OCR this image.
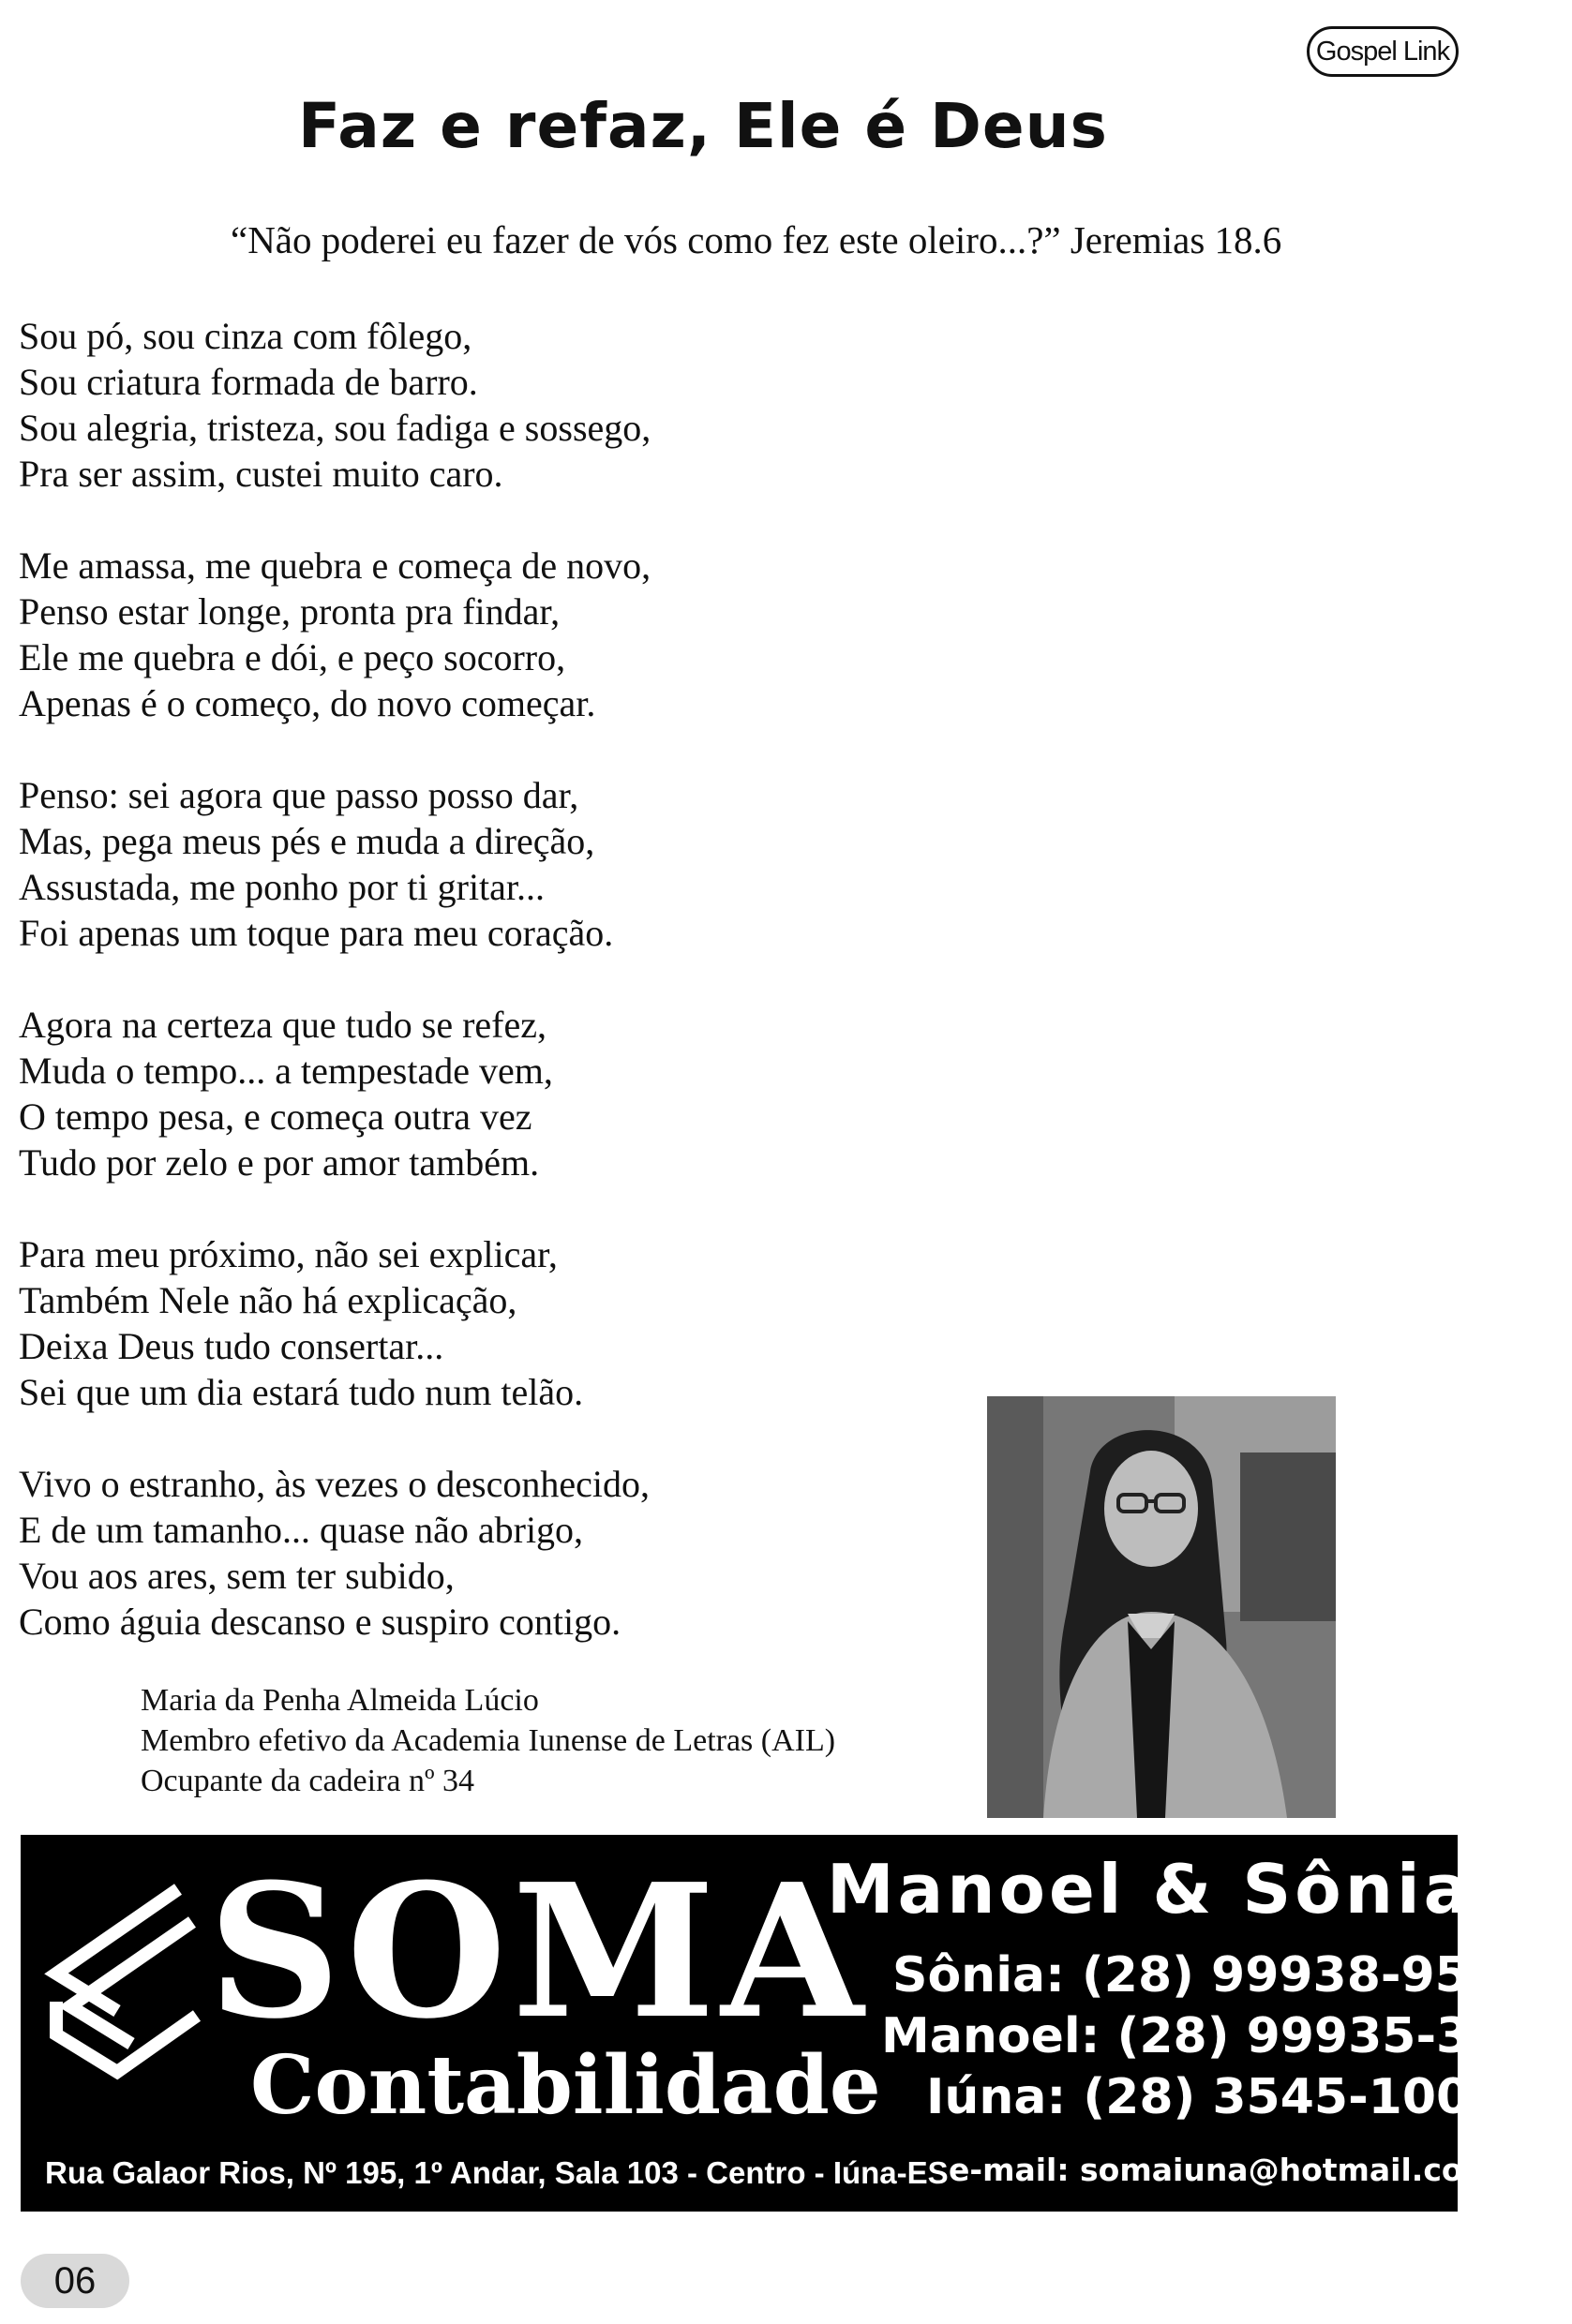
Gospel Link
Faz e refaz, Ele é Deus
“Não poderei eu fazer de vós como fez este oleiro...?” Jeremias 18.6
Sou pó, sou cinza com fôlego,
Sou criatura formada de barro.
Sou alegria, tristeza, sou fadiga e sossego,
Pra ser assim, custei muito caro.
Me amassa, me quebra e começa de novo,
Penso estar longe, pronta pra findar,
Ele me quebra e dói, e peço socorro,
Apenas é o começo, do novo começar.
Penso: sei agora que passo posso dar,
Mas, pega meus pés e muda a direção,
Assustada, me ponho por ti gritar...
Foi apenas um toque para meu coração.
Agora na certeza que tudo se refez,
Muda o tempo... a tempestade vem,
O tempo pesa, e começa outra vez
Tudo por zelo e por amor também.
Para meu próximo, não sei explicar,
Também Nele não há explicação,
Deixa Deus tudo consertar...
Sei que um dia estará tudo num telão.
Vivo o estranho, às vezes o desconhecido,
E de um tamanho... quase não abrigo,
Vou aos ares, sem ter subido,
Como águia descanso e suspiro contigo.
Maria da Penha Almeida Lúcio
Membro efetivo da Academia Iunense de Letras (AIL)
Ocupante da cadeira nº 34
SOMA
Contabilidade
Manoel & Sônia
Sônia: (28) 99938-9554
Manoel: (28) 99935-3158
Iúna: (28) 3545-1001
Rua Galaor Rios, Nº 195, 1º Andar, Sala 103 - Centro - Iúna-ES e-mail: somaiuna@hotmail.com
06
